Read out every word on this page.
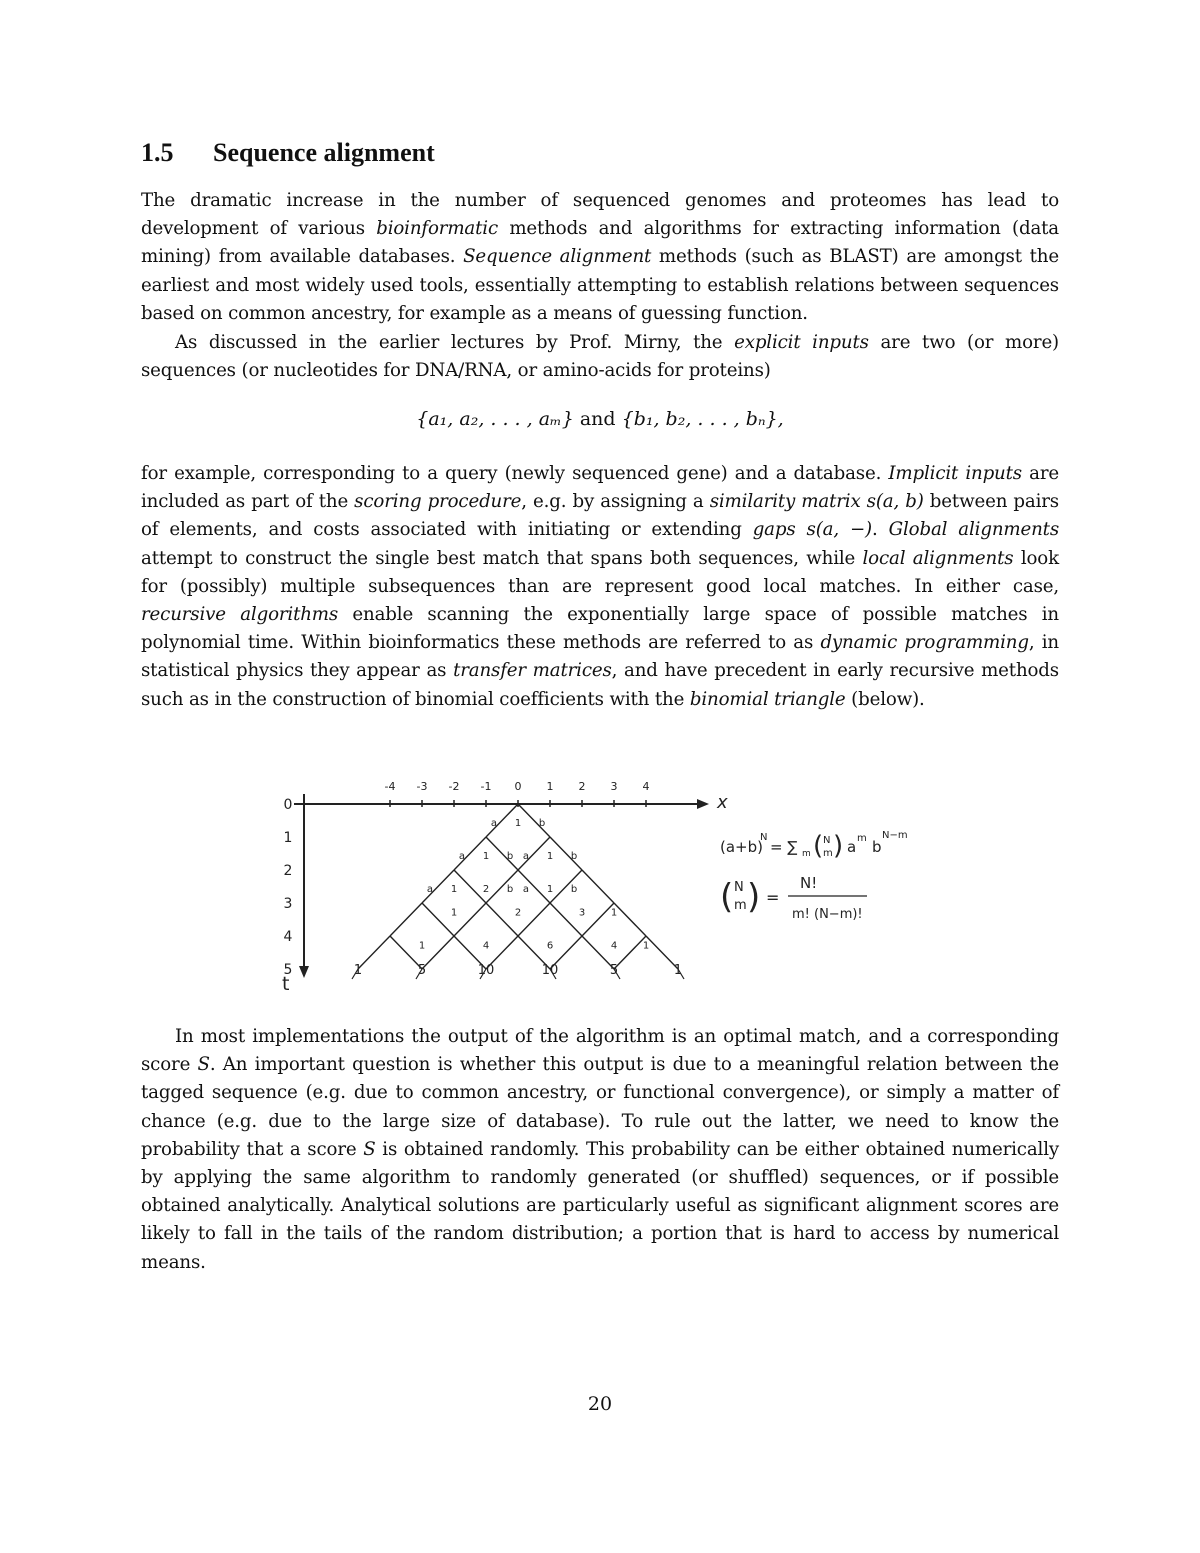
1.5 Sequence alignment
The dramatic increase in the number of sequenced genomes and proteomes has lead to development of various bioinformatic methods and algorithms for extracting information (data mining) from available databases. Sequence alignment methods (such as BLAST) are amongst the earliest and most widely used tools, essentially attempting to establish relations between sequences based on common ancestry, for example as a means of guessing function.
As discussed in the earlier lectures by Prof. Mirny, the explicit inputs are two (or more) sequences (or nucleotides for DNA/RNA, or amino-acids for proteins)
{a₁, a₂, . . . , aₘ} and {b₁, b₂, . . . , bₙ},
for example, corresponding to a query (newly sequenced gene) and a database. Implicit inputs are included as part of the scoring procedure, e.g. by assigning a similarity matrix s(a, b) between pairs of elements, and costs associated with initiating or extending gaps s(a, −). Global alignments attempt to construct the single best match that spans both sequences, while local alignments look for (possibly) multiple subsequences than are represent good local matches. In either case, recursive algorithms enable scanning the exponentially large space of possible matches in polynomial time. Within bioinformatics these methods are referred to as dynamic programming, in statistical physics they appear as transfer matrices, and have precedent in early recursive methods such as in the construction of binomial coefficients with the binomial triangle (below).
x
t
-4 -3 -2 -1 0 1 2 3 4
0
1
2
3
4
5
a 1 b
a 1 b a 1 b
a 1	2 b a 1 b
1	2	3	1
1	4	6	4	1
1	5	10	10	5	1
(a+b)
N
= ∑ m ( N
m ) a m b
N−m
( N
m ) =
N!
m! (N−m)!
In most implementations the output of the algorithm is an optimal match, and a corresponding score S. An important question is whether this output is due to a meaningful relation between the tagged sequence (e.g. due to common ancestry, or functional convergence), or simply a matter of chance (e.g. due to the large size of database). To rule out the latter, we need to know the probability that a score S is obtained randomly. This probability can be either obtained numerically by applying the same algorithm to randomly generated (or shuffled) sequences, or if possible obtained analytically. Analytical solutions are particularly useful as significant alignment scores are likely to fall in the tails of the random distribution; a portion that is hard to access by numerical means.
20
